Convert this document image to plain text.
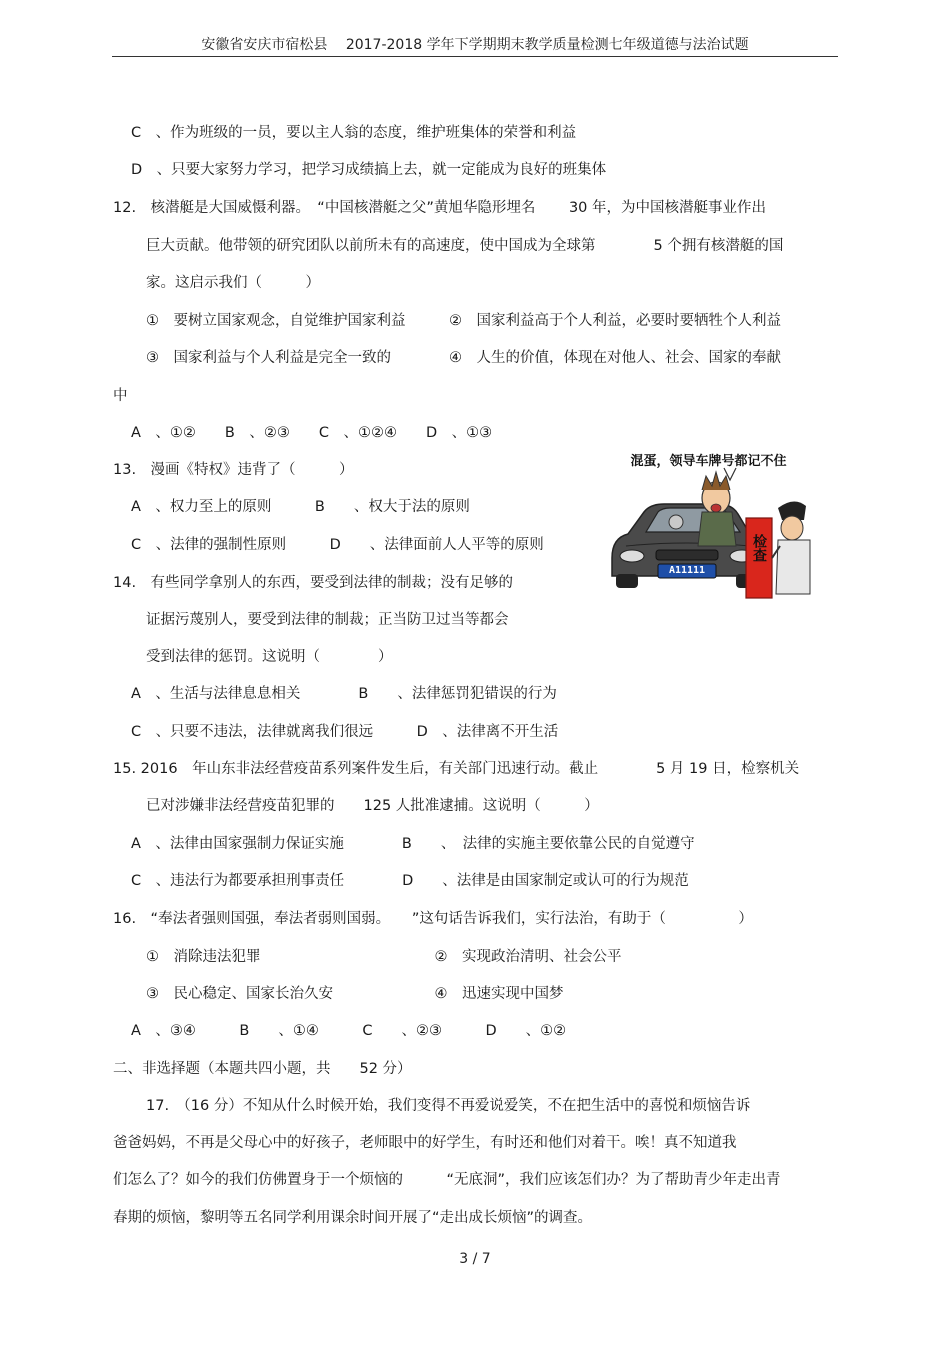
安徽省安庆市宿松县　 2017-2018 学年下学期期末教学质量检测七年级道德与法治试题
C　、作为班级的一员，要以主人翁的态度，维护班集体的荣誉和利益
D　、只要大家努力学习，把学习成绩搞上去，就一定能成为良好的班集体
12.　核潜艇是大国威慑利器。　“中国核潜艇之父”黄旭华隐形埋名　　 30 年，为中国核潜艇事业作出
巨大贡献。他带领的研究团队以前所未有的高速度，使中国成为全球第　　　　5 个拥有核潜艇的国
家。这启示我们（　　　）
①　要树立国家观念，自觉维护国家利益　　　②　国家利益高于个人利益，必要时要牺牲个人利益
③　国家利益与个人利益是完全一致的　　　　④　人生的价值，体现在对他人、社会、国家的奉献
中
A　、①②　　B　、②③　　C　、①②④　　D　、①③
13.　漫画《特权》违背了（　　　）
A　、权力至上的原则　　　B　　、权大于法的原则
C　、法律的强制性原则　　　D　　、法律面前人人平等的原则
14.　有些同学拿别人的东西，要受到法律的制裁；没有足够的
证据污蔑别人，要受到法律的制裁；正当防卫过当等都会
受到法律的惩罚。这说明（　　　　）
A　、生活与法律息息相关　　　　B　　、法律惩罚犯错误的行为
C　、只要不违法，法律就离我们很远　　　D　、法律离不开生活
15. 2016　年山东非法经营疫苗系列案件发生后，有关部门迅速行动。截止　　　　5 月 19 日，检察机关
已对涉嫌非法经营疫苗犯罪的　　125 人批准逮捕。这说明（　　　）
A　、法律由国家强制力保证实施　　　　B　　、　法律的实施主要依靠公民的自觉遵守
C　、违法行为都要承担刑事责任　　　　D　　、法律是由国家制定或认可的行为规范
16.　“奉法者强则国强，奉法者弱则国弱。　　”这句话告诉我们，实行法治，有助于（　　　　　）
①　消除违法犯罪　　　　　　　　　　　　②　实现政治清明、社会公平
③　民心稳定、国家长治久安　　　　　　　④　迅速实现中国梦
A　、③④　　　B　　、①④　　　C　　、②③　　　D　　、①②
二、非选择题（本题共四小题，共　　52 分）
17.　（16 分）不知从什么时候开始，我们变得不再爱说爱笑，不在把生活中的喜悦和烦恼告诉
爸爸妈妈，不再是父母心中的好孩子，老师眼中的好学生，有时还和他们对着干。唉！真不知道我
们怎么了？如今的我们仿佛置身于一个烦恼的　　　“无底洞”，我们应该怎们办？为了帮助青少年走出青
春期的烦恼，黎明等五名同学利用课余时间开展了“走出成长烦恼”的调查。
混蛋，领导车牌号都记不住
A11111
检查
3 / 7
